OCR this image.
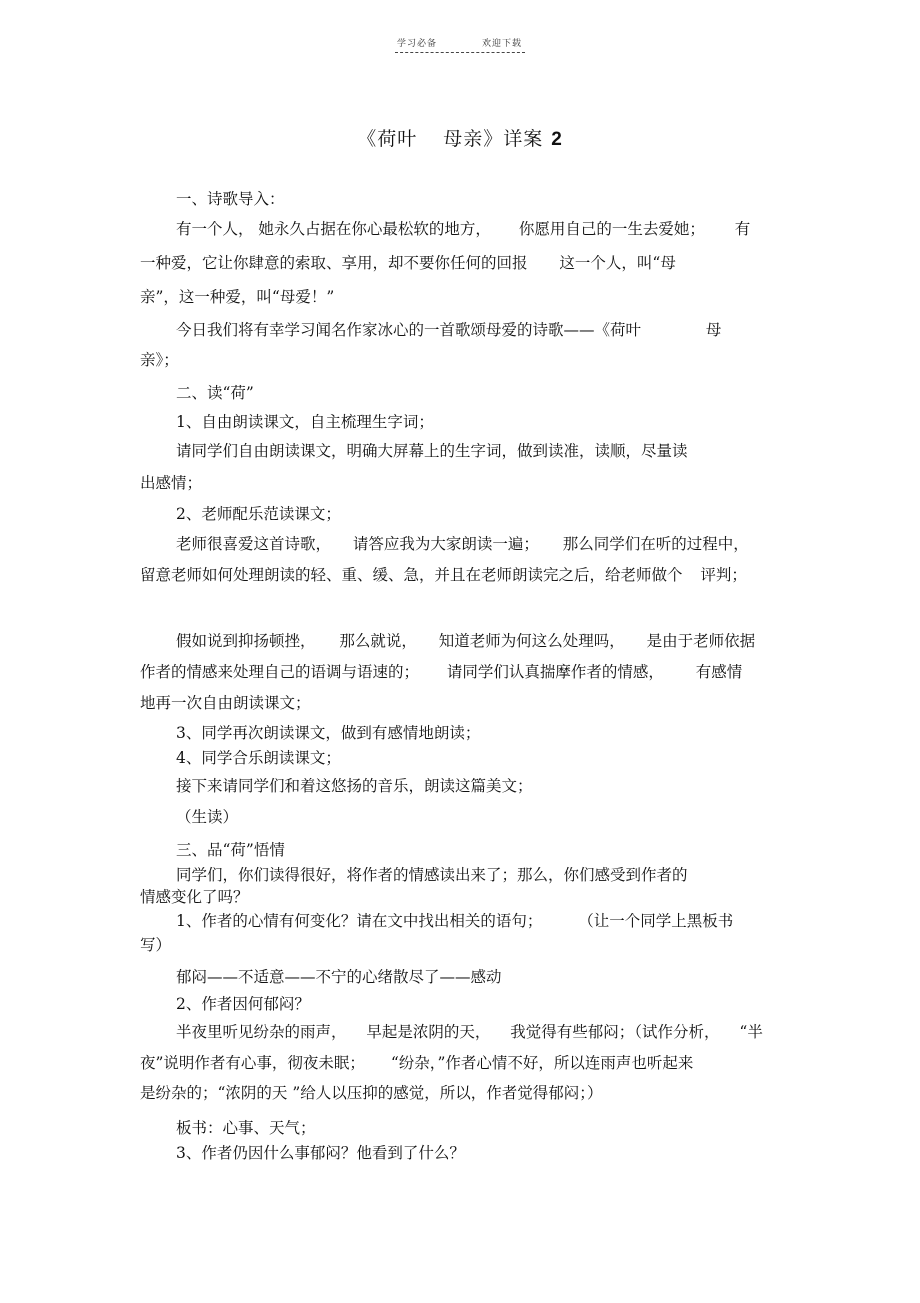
学习必备	欢迎下载
《荷叶 母亲》详案 2
一、诗歌导入：
有一个人， 她永久占据在你心最松软的地方， 你愿用自己的一生去爱她； 有
一种爱，它让你肆意的索取、享用，却不要你任何的回报 这一个人，叫“母
亲”，这一种爱，叫“母爱！”
今日我们将有幸学习闻名作家冰心的一首歌颂母爱的诗歌——《荷叶	母
亲》；
二、读“荷”
1、自由朗读课文，自主梳理生字词；
请同学们自由朗读课文，明确大屏幕上的生字词，做到读准，读顺，尽量读
出感情；
2、老师配乐范读课文；
老师很喜爱这首诗歌， 请答应我为大家朗读一遍； 那么同学们在听的过程中，
留意老师如何处理朗读的轻、重、缓、急，并且在老师朗读完之后，给老师做个 评判；
假如说到抑扬顿挫， 那么就说， 知道老师为何这么处理吗， 是由于老师依据
作者的情感来处理自己的语调与语速的； 请同学们认真揣摩作者的情感， 有感情
地再一次自由朗读课文；
3、同学再次朗读课文，做到有感情地朗读；
4、同学合乐朗读课文；
接下来请同学们和着这悠扬的音乐，朗读这篇美文；
（生读）
三、品“荷”悟情
同学们，你们读得很好，将作者的情感读出来了；那么，你们感受到作者的
情感变化了吗？
1、作者的心情有何变化？请在文中找出相关的语句； （让一个同学上黑板书
写）
郁闷——不适意——不宁的心绪散尽了——感动
2、作者因何郁闷？
半夜里听见纷杂的雨声， 早起是浓阴的天， 我觉得有些郁闷；（试作分析， “半
夜”说明作者有心事，彻夜未眠； “纷杂，”作者心情不好，所以连雨声也听起来
是纷杂的；“浓阴的天 ”给人以压抑的感觉，所以，作者觉得郁闷；）
板书：心事、天气；
3、作者仍因什么事郁闷？他看到了什么？
